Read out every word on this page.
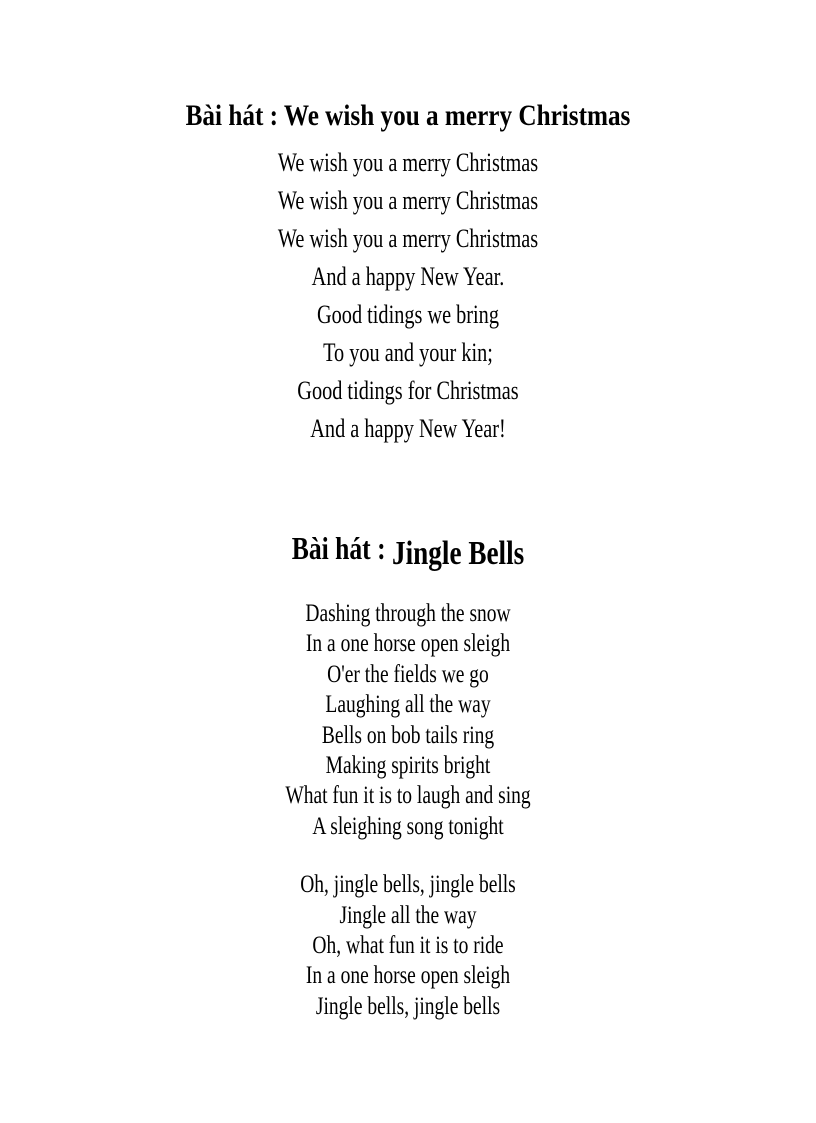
Bài hát : We wish you a merry Christmas
We wish you a merry Christmas
We wish you a merry Christmas
We wish you a merry Christmas
And a happy New Year.
Good tidings we bring
To you and your kin;
Good tidings for Christmas
And a happy New Year!
Bài hát : Jingle Bells
Dashing through the snow
In a one horse open sleigh
O'er the fields we go
Laughing all the way
Bells on bob tails ring
Making spirits bright
What fun it is to laugh and sing
A sleighing song tonight
Oh, jingle bells, jingle bells
Jingle all the way
Oh, what fun it is to ride
In a one horse open sleigh
Jingle bells, jingle bells
